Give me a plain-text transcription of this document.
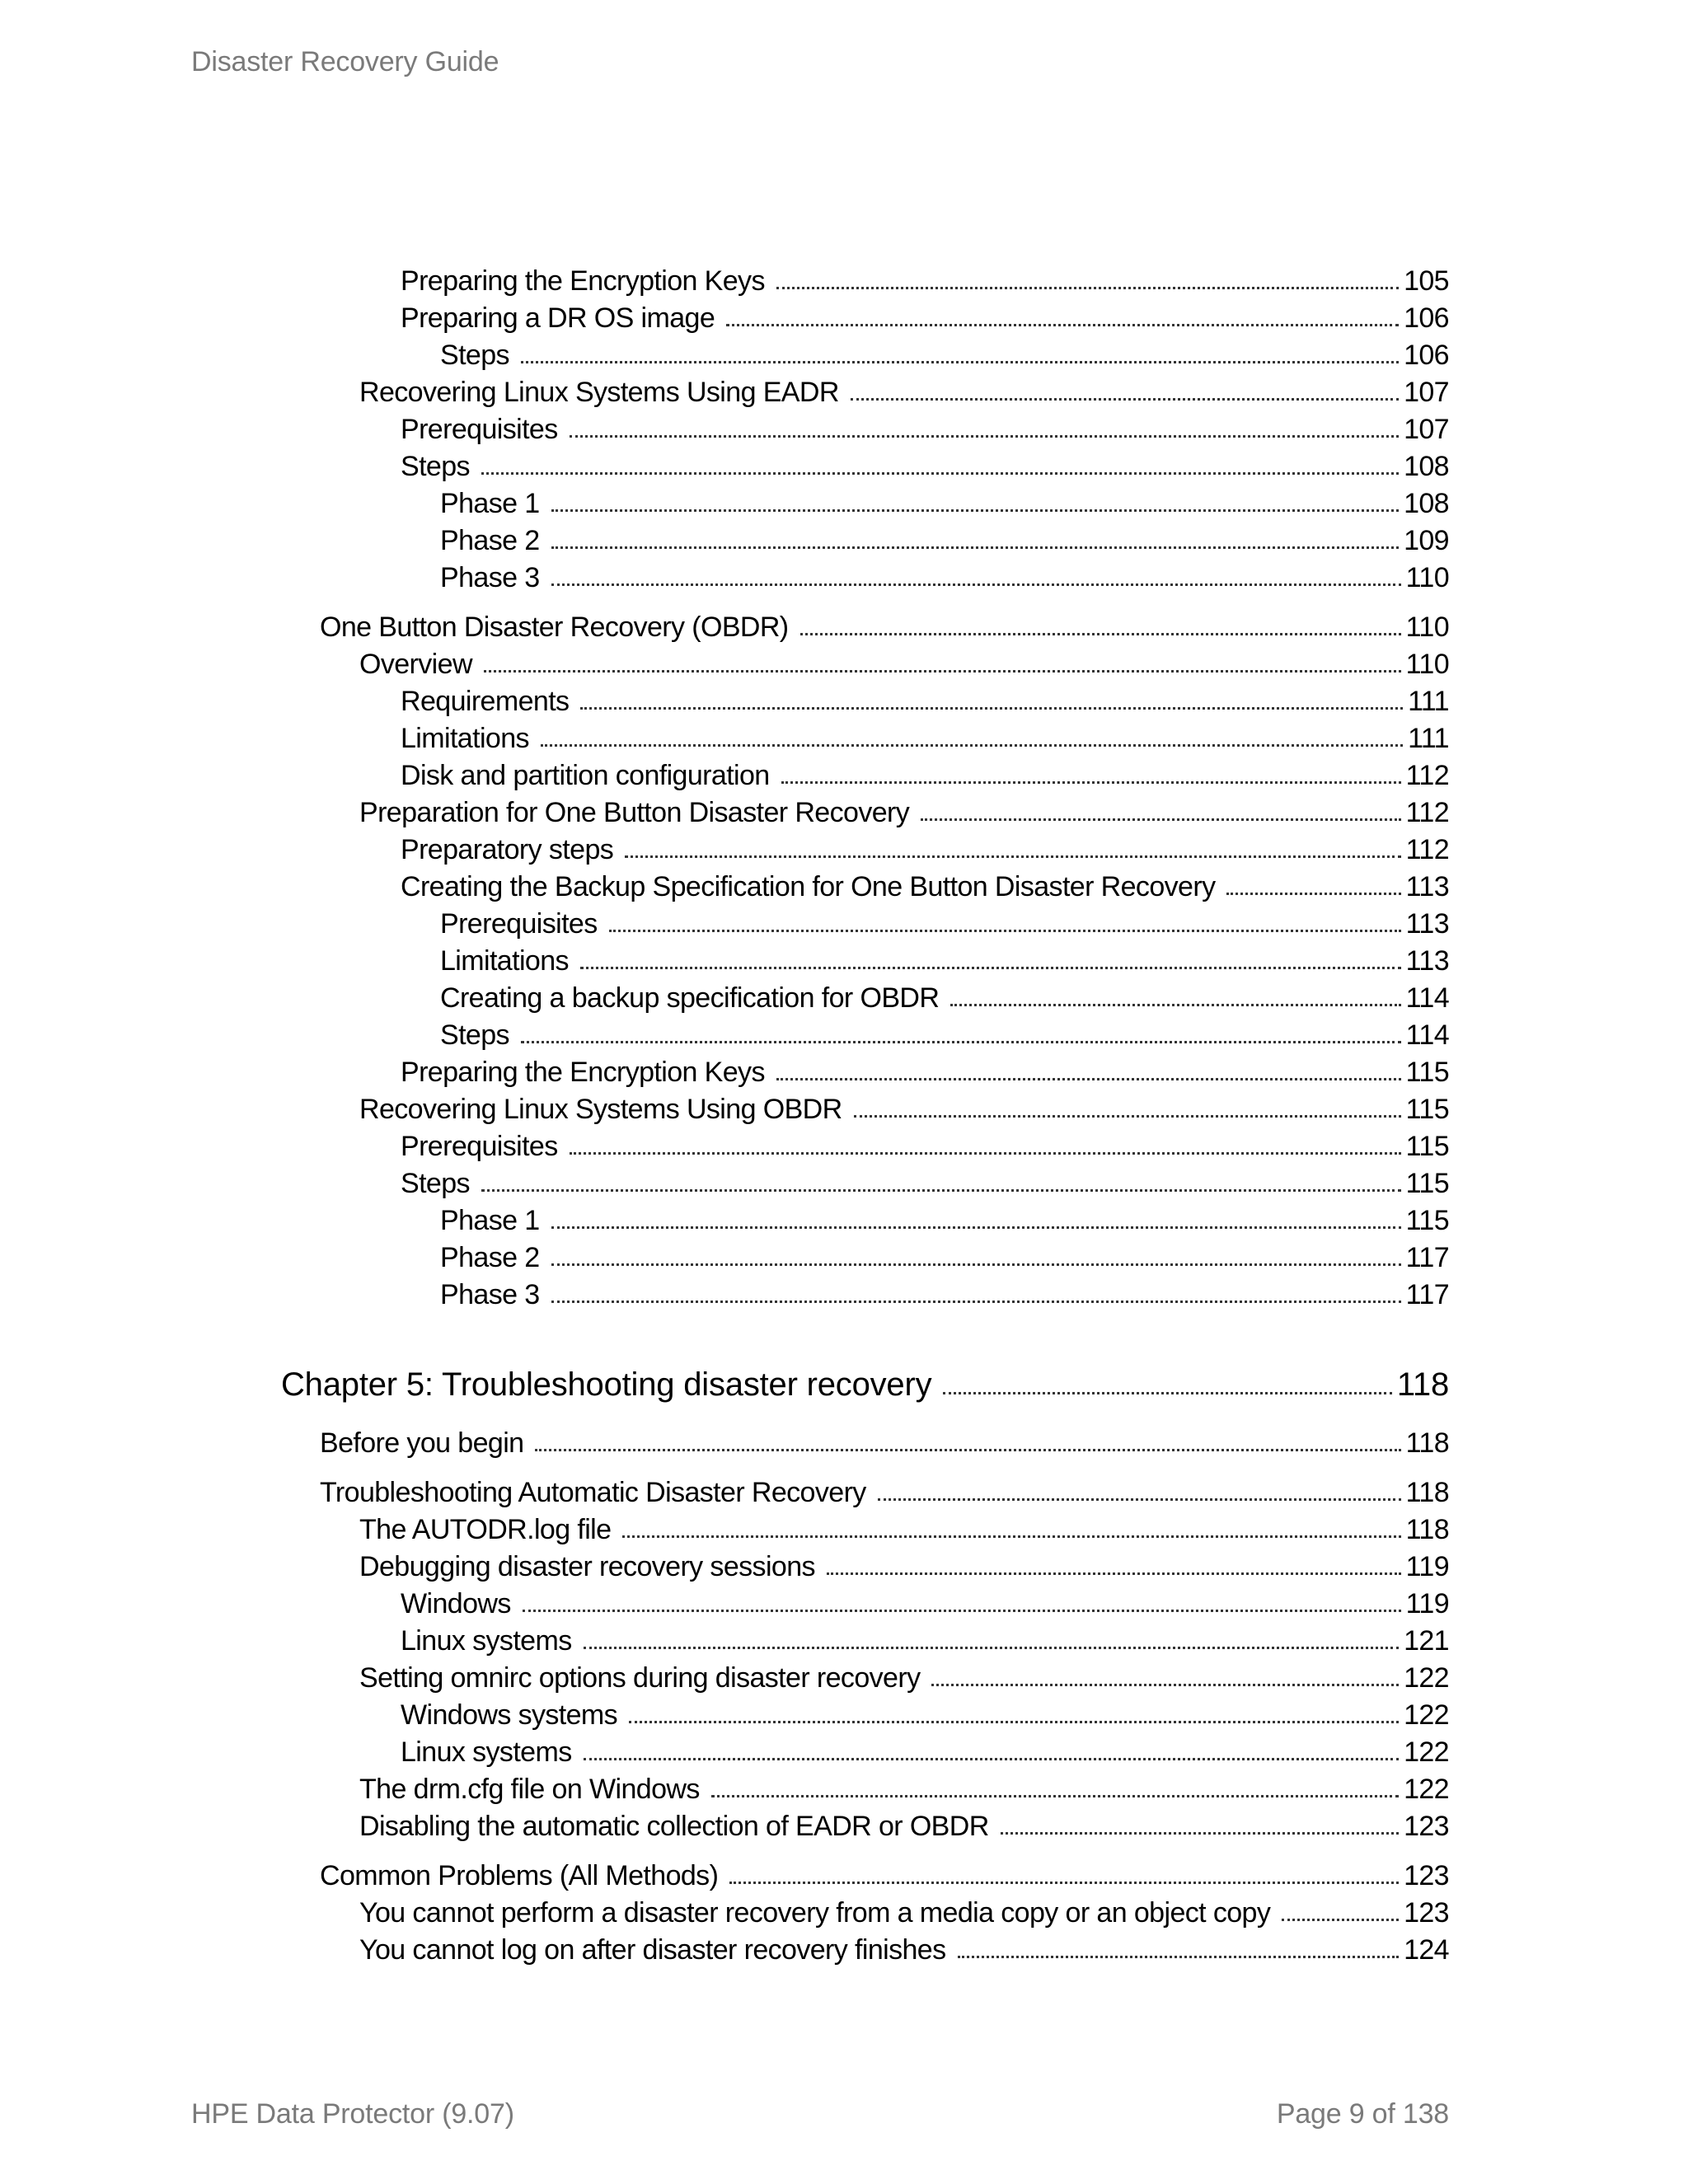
Disaster Recovery Guide
Preparing the Encryption Keys	105
Preparing a DR OS image	106
Steps	106
Recovering Linux Systems Using EADR	107
Prerequisites	107
Steps	108
Phase 1	108
Phase 2	109
Phase 3	110
One Button Disaster Recovery (OBDR)	110
Overview	110
Requirements	111
Limitations	111
Disk and partition configuration	112
Preparation for One Button Disaster Recovery	112
Preparatory steps	112
Creating the Backup Specification for One Button Disaster Recovery	113
Prerequisites	113
Limitations	113
Creating a backup specification for OBDR	114
Steps	114
Preparing the Encryption Keys	115
Recovering Linux Systems Using OBDR	115
Prerequisites	115
Steps	115
Phase 1	115
Phase 2	117
Phase 3	117
Chapter 5: Troubleshooting disaster recovery	118
Before you begin	118
Troubleshooting Automatic Disaster Recovery	118
The AUTODR.log file	118
Debugging disaster recovery sessions	119
Windows	119
Linux systems	121
Setting omnirc options during disaster recovery	122
Windows systems	122
Linux systems	122
The drm.cfg file on Windows	122
Disabling the automatic collection of EADR or OBDR	123
Common Problems (All Methods)	123
You cannot perform a disaster recovery from a media copy or an object copy	123
You cannot log on after disaster recovery finishes	124
HPE Data Protector (9.07)	Page 9 of 138
